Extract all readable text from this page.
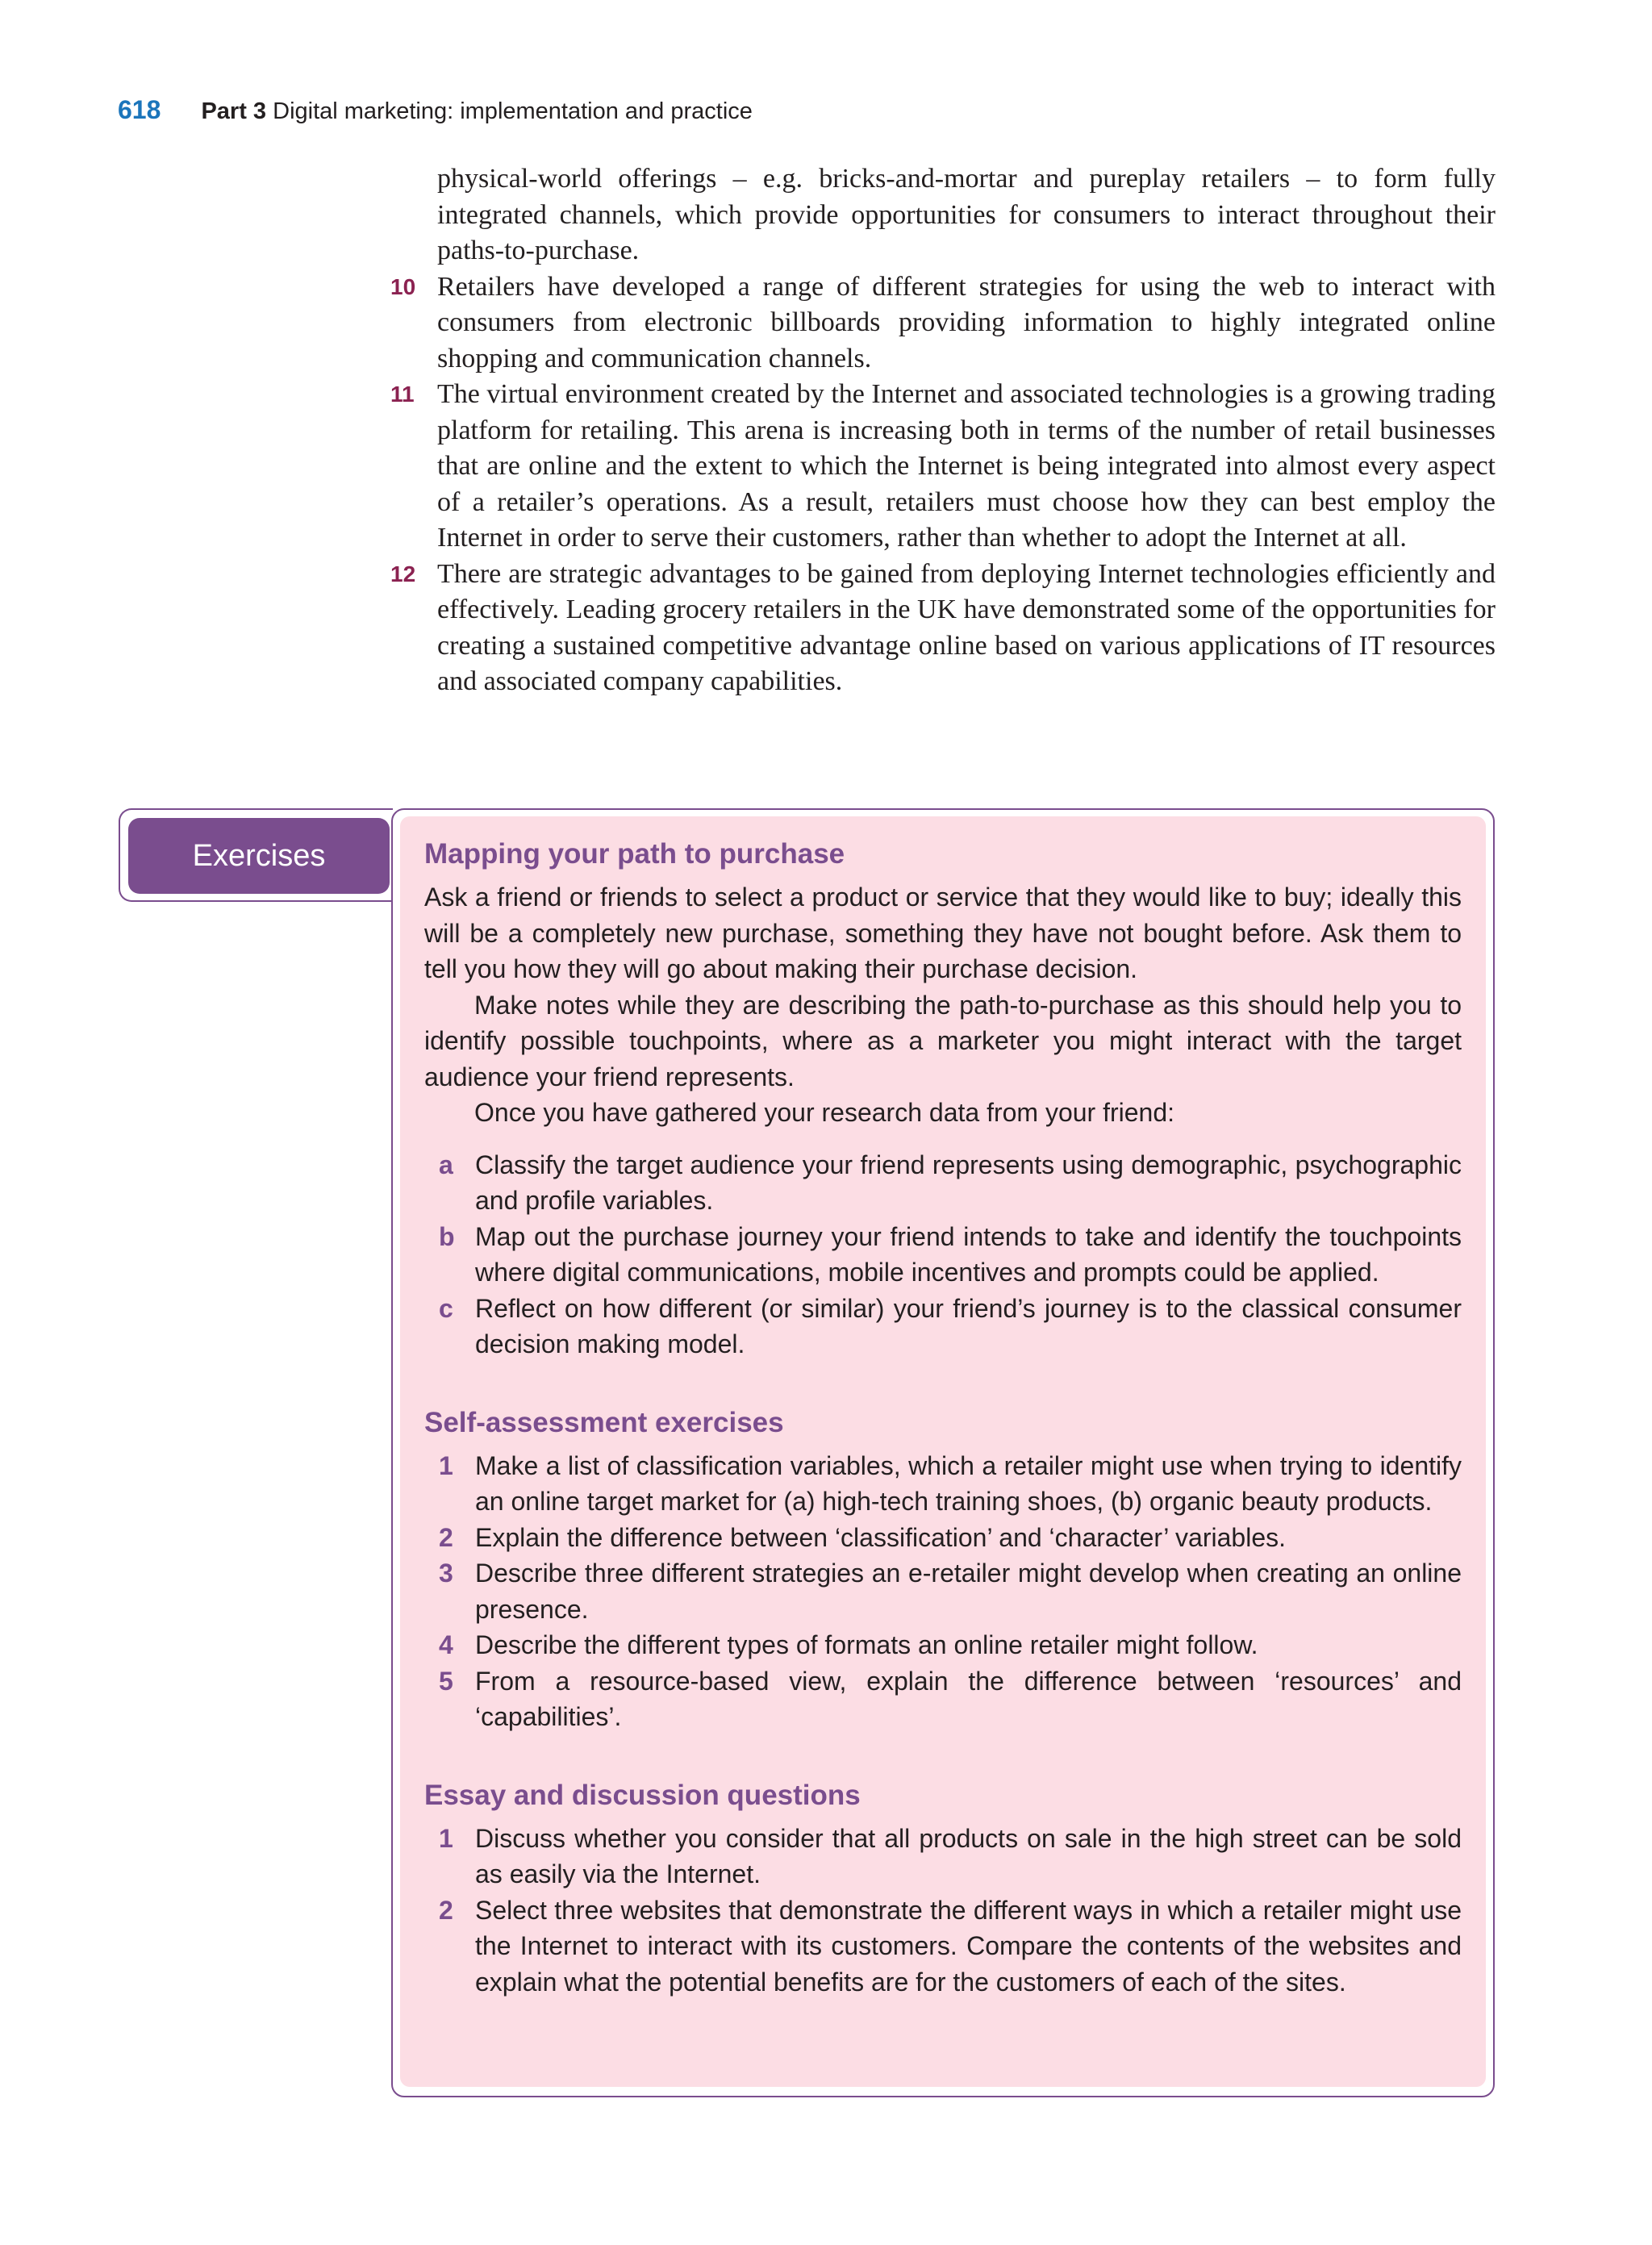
618 Part 3 Digital marketing: implementation and practice

physical-world offerings – e.g. bricks-and-mortar and pureplay retailers – to form fully integrated channels, which provide opportunities for consumers to interact throughout their paths-to-purchase.

10 Retailers have developed a range of different strategies for using the web to interact with consumers from electronic billboards providing information to highly integrated online shopping and communication channels.
11 The virtual environment created by the Internet and associated technologies is a growing trading platform for retailing. This arena is increasing both in terms of the number of retail businesses that are online and the extent to which the Internet is being integrated into almost every aspect of a retailer’s operations. As a result, retailers must choose how they can best employ the Internet in order to serve their customers, rather than whether to adopt the Internet at all.
12 There are strategic advantages to be gained from deploying Internet technologies efficiently and effectively. Leading grocery retailers in the UK have demonstrated some of the opportunities for creating a sustained competitive advantage online based on various applications of IT resources and associated company capabilities.
Exercises	Mapping your path to purchase

Ask a friend or friends to select a product or service that they would like to buy; ideally this will be a completely new purchase, something they have not bought before. Ask them to tell you how they will go about making their purchase decision.

Make notes while they are describing the path-to-purchase as this should help you to identify possible touchpoints, where as a marketer you might interact with the target audience your friend represents.

Once you have gathered your research data from your friend:

a Classify the target audience your friend represents using demographic, psychographic and profile variables.
b Map out the purchase journey your friend intends to take and identify the touchpoints where digital communications, mobile incentives and prompts could be applied.
c Reflect on how different (or similar) your friend’s journey is to the classical consumer decision making model.
Self-assessment exercises
1 Make a list of classification variables, which a retailer might use when trying to identify an online target market for (a) high-tech training shoes, (b) organic beauty products.
2 Explain the difference between ‘classification’ and ‘character’ variables.
3 Describe three different strategies an e-retailer might develop when creating an online presence.
4 Describe the different types of formats an online retailer might follow.
5 From a resource-based view, explain the difference between ‘resources’ and ‘capabilities’.
Essay and discussion questions
1 Discuss whether you consider that all products on sale in the high street can be sold as easily via the Internet.
2 Select three websites that demonstrate the different ways in which a retailer might use the Internet to interact with its customers. Compare the contents of the websites and explain what the potential benefits are for the customers of each of the sites.
